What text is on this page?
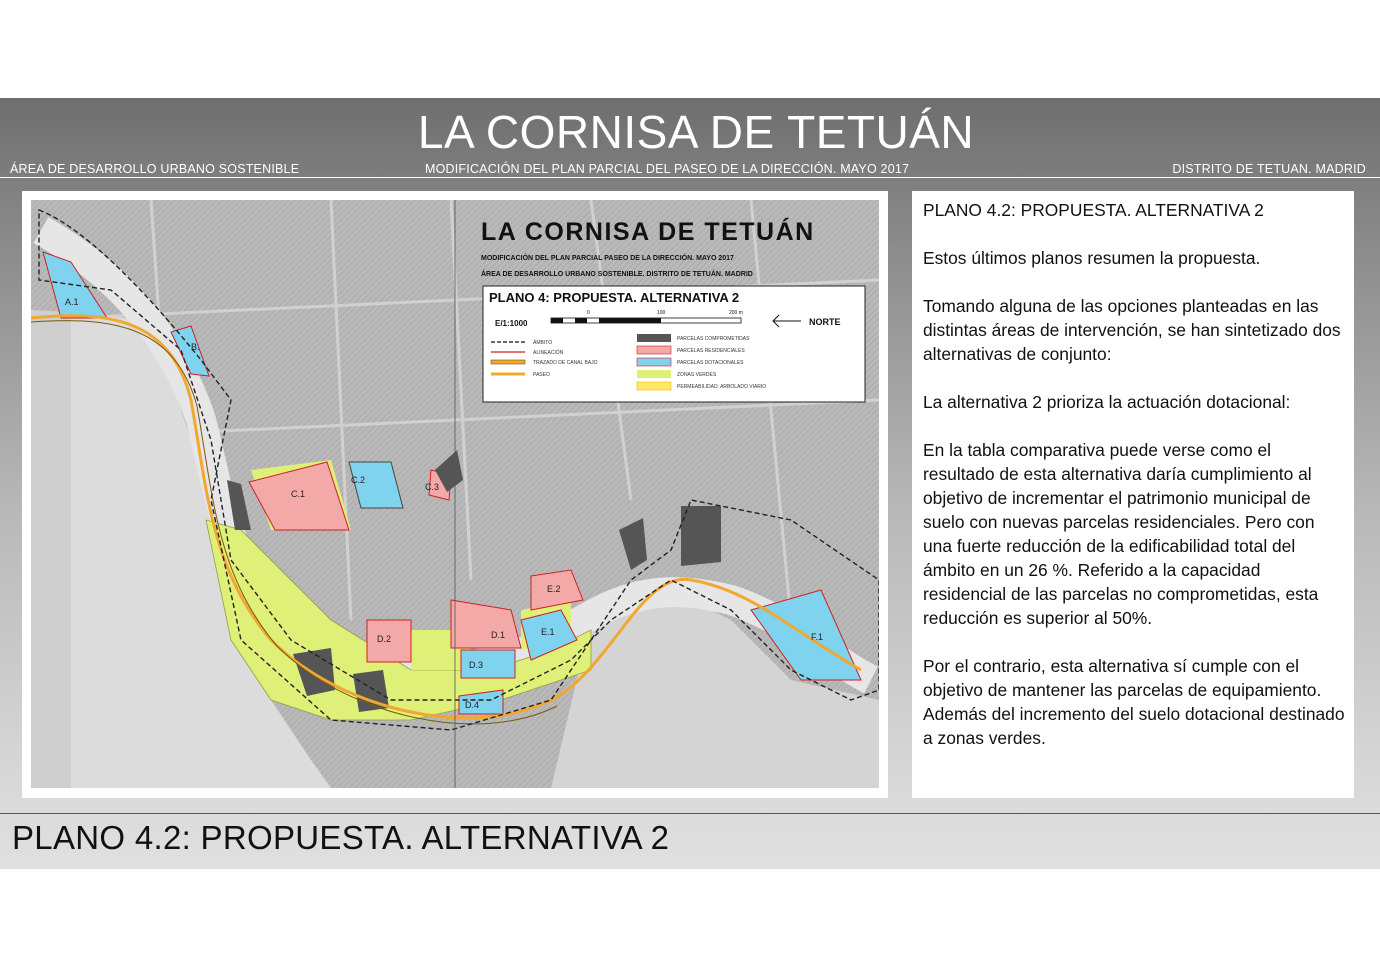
LA CORNISA DE TETUÁN
ÁREA DE DESARROLLO URBANO SOSTENIBLE	MODIFICACIÓN DEL PLAN PARCIAL DEL PASEO DE LA DIRECCIÓN. MAYO 2017	DISTRITO DE TETUAN. MADRID
A.1
B.
C.1
C.2
C.3
D.1
D.2
D.3
D.4
E.1
E.2
F.1
LA CORNISA DE TETUÁN
MODIFICACIÓN DEL PLAN PARCIAL PASEO DE LA DIRECCIÓN. MAYO 2017
ÁREA DE DESARROLLO URBANO SOSTENIBLE. DISTRITO DE TETUÁN. MADRID
PLANO 4: PROPUESTA. ALTERNATIVA 2
E/1:1000
0	100	200 m
NORTE
ÁMBITO
ALINEACIÓN
TRAZADO DE CANAL BAJO
PASEO
PARCELAS COMPROMETIDAS
PARCELAS RESIDENCIALES
PARCELAS DOTACIONALES
ZONAS VERDES
PERMEABILIDAD. ARBOLADO VIARIO

PLANO 4.2: PROPUESTA. ALTERNATIVA 2

Estos últimos planos resumen la propuesta.

Tomando alguna de las opciones planteadas en las distintas áreas de intervención, se han sintetizado dos alternativas de conjunto:

La alternativa 2 prioriza la actuación dotacional:

En la tabla comparativa puede verse como el resultado de esta alternativa daría cumplimiento al objetivo de incrementar el patrimonio municipal de suelo con nuevas parcelas residenciales. Pero con una fuerte reducción de la edificabilidad total del ámbito en un 26 %. Referido a la capacidad residencial de las parcelas no comprometidas, esta reducción es superior al 50%.

Por el contrario, esta alternativa sí cumple con el objetivo de mantener las parcelas de equipamiento. Además del incremento del suelo dotacional destinado a zonas verdes.

PLANO 4.2: PROPUESTA. ALTERNATIVA 2
